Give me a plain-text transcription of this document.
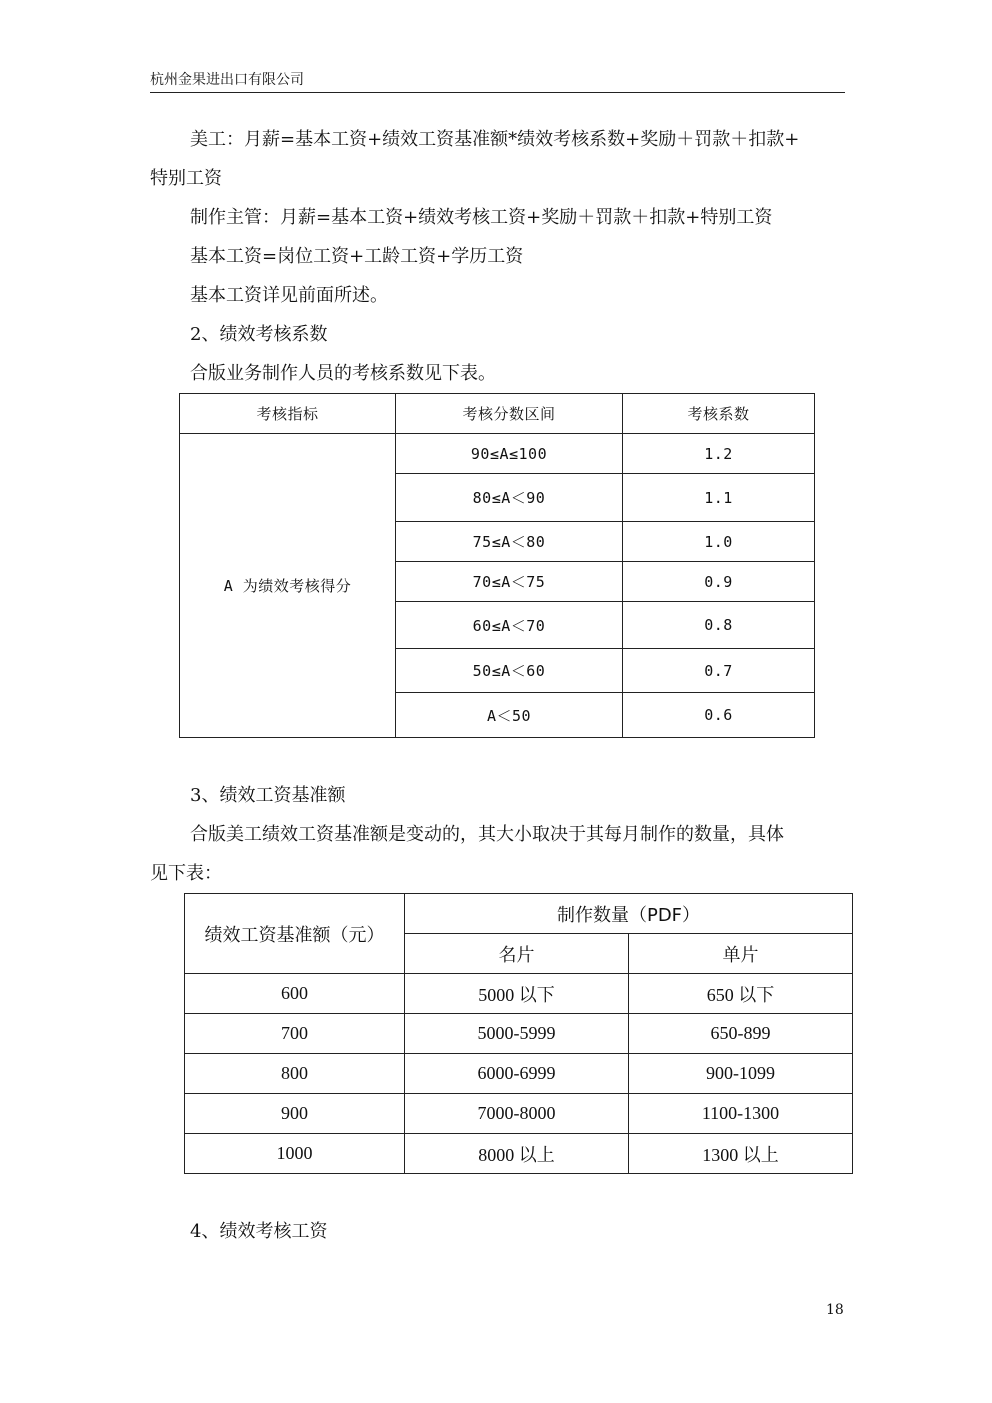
杭州金果进出口有限公司
美工：月薪=基本工资+绩效工资基准额*绩效考核系数+奖励＋罚款＋扣款+
特别工资
制作主管：月薪=基本工资+绩效考核工资+奖励＋罚款＋扣款+特别工资
基本工资=岗位工资+工龄工资+学历工资
基本工资详见前面所述。
2、绩效考核系数
合版业务制作人员的考核系数见下表。
考核指标	考核分数区间	考核系数
A 为绩效考核得分	90≤A≤100	1.2
	80≤A＜90	1.1
	75≤A＜80	1.0
	70≤A＜75	0.9
	60≤A＜70	0.8
	50≤A＜60	0.7
	A＜50	0.6
3、绩效工资基准额
合版美工绩效工资基准额是变动的，其大小取决于其每月制作的数量，具体
见下表：
绩效工资基准额（元）	制作数量（PDF）	
	名片	单片
600	5000 以下	650 以下
700	5000-5999	650-899
800	6000-6999	900-1099
900	7000-8000	1100-1300
1000	8000 以上	1300 以上
4、绩效考核工资
18
